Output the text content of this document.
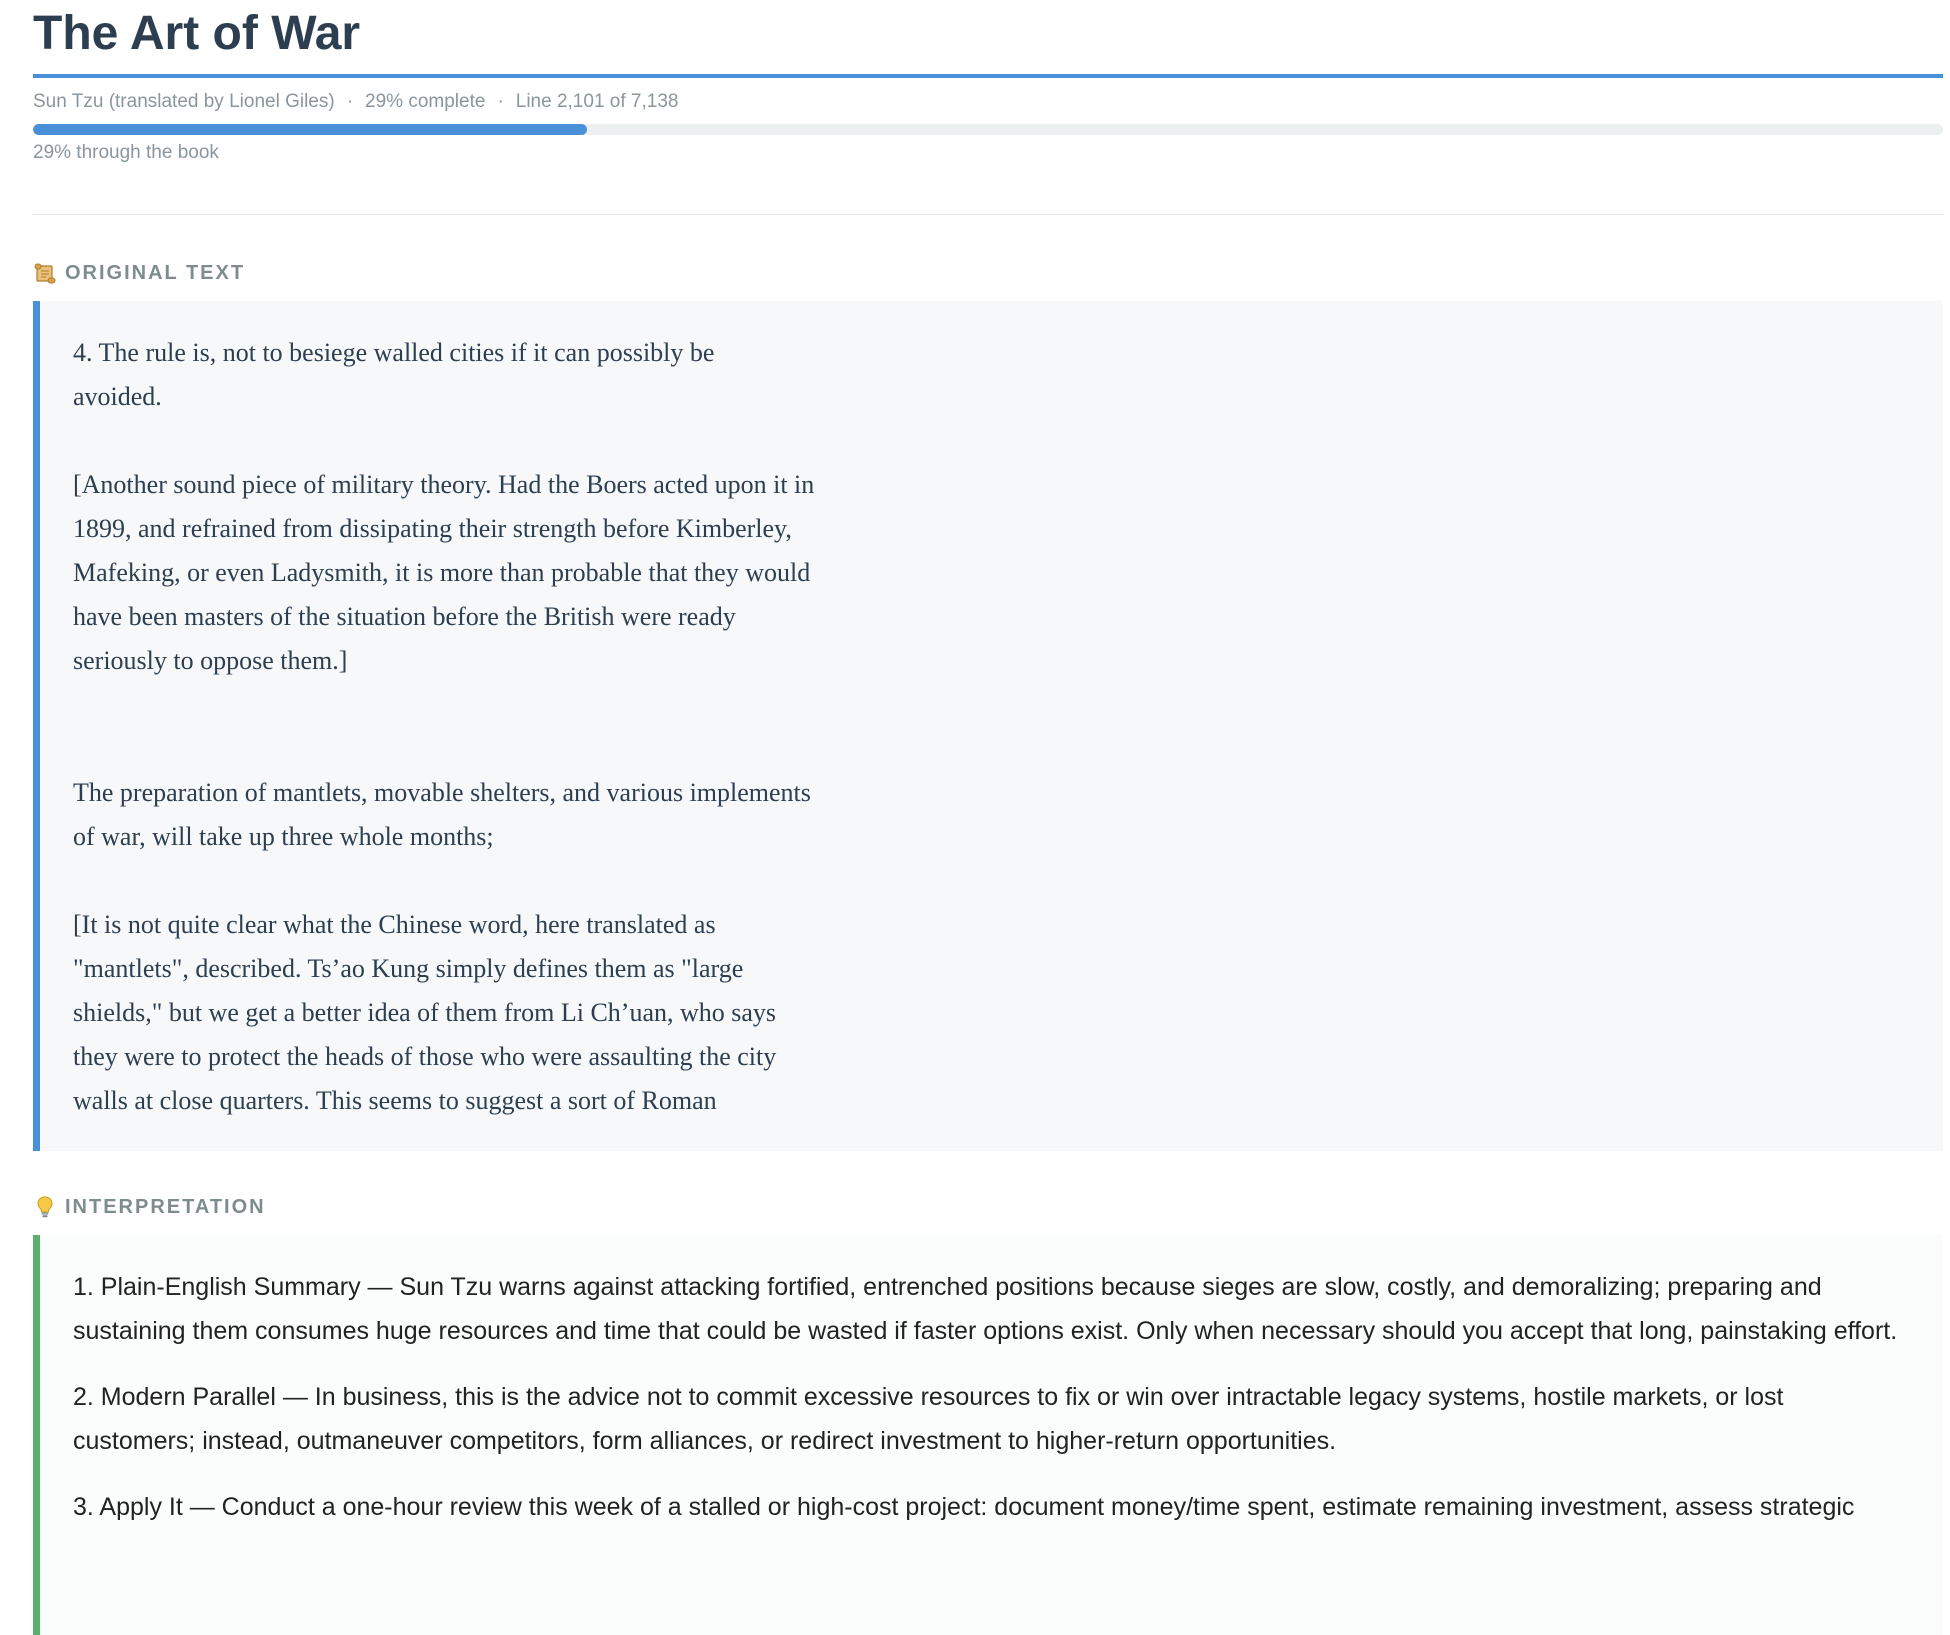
The Art of War
Sun Tzu (translated by Lionel Giles) · 29% complete · Line 2,101 of 7,138
29% through the book
ORIGINAL TEXT

4. The rule is, not to besiege walled cities if it can possibly be
avoided.

[Another sound piece of military theory. Had the Boers acted upon it in
1899, and refrained from dissipating their strength before Kimberley,
Mafeking, or even Ladysmith, it is more than probable that they would
have been masters of the situation before the British were ready
seriously to oppose them.]

The preparation of mantlets, movable shelters, and various implements
of war, will take up three whole months;

[It is not quite clear what the Chinese word, here translated as
"mantlets", described. Ts’ao Kung simply defines them as "large
shields," but we get a better idea of them from Li Ch’uan, who says
they were to protect the heads of those who were assaulting the city
walls at close quarters. This seems to suggest a sort of Roman

INTERPRETATION

1. Plain-English Summary — Sun Tzu warns against attacking fortified, entrenched positions because sieges are slow, costly, and demoralizing; preparing and sustaining them consumes huge resources and time that could be wasted if faster options exist. Only when necessary should you accept that long, painstaking effort.

2. Modern Parallel — In business, this is the advice not to commit excessive resources to fix or win over intractable legacy systems, hostile markets, or lost customers; instead, outmaneuver competitors, form alliances, or redirect investment to higher-return opportunities.

3. Apply It — Conduct a one-hour review this week of a stalled or high-cost project: document money/time spent, estimate remaining investment, assess strategic
